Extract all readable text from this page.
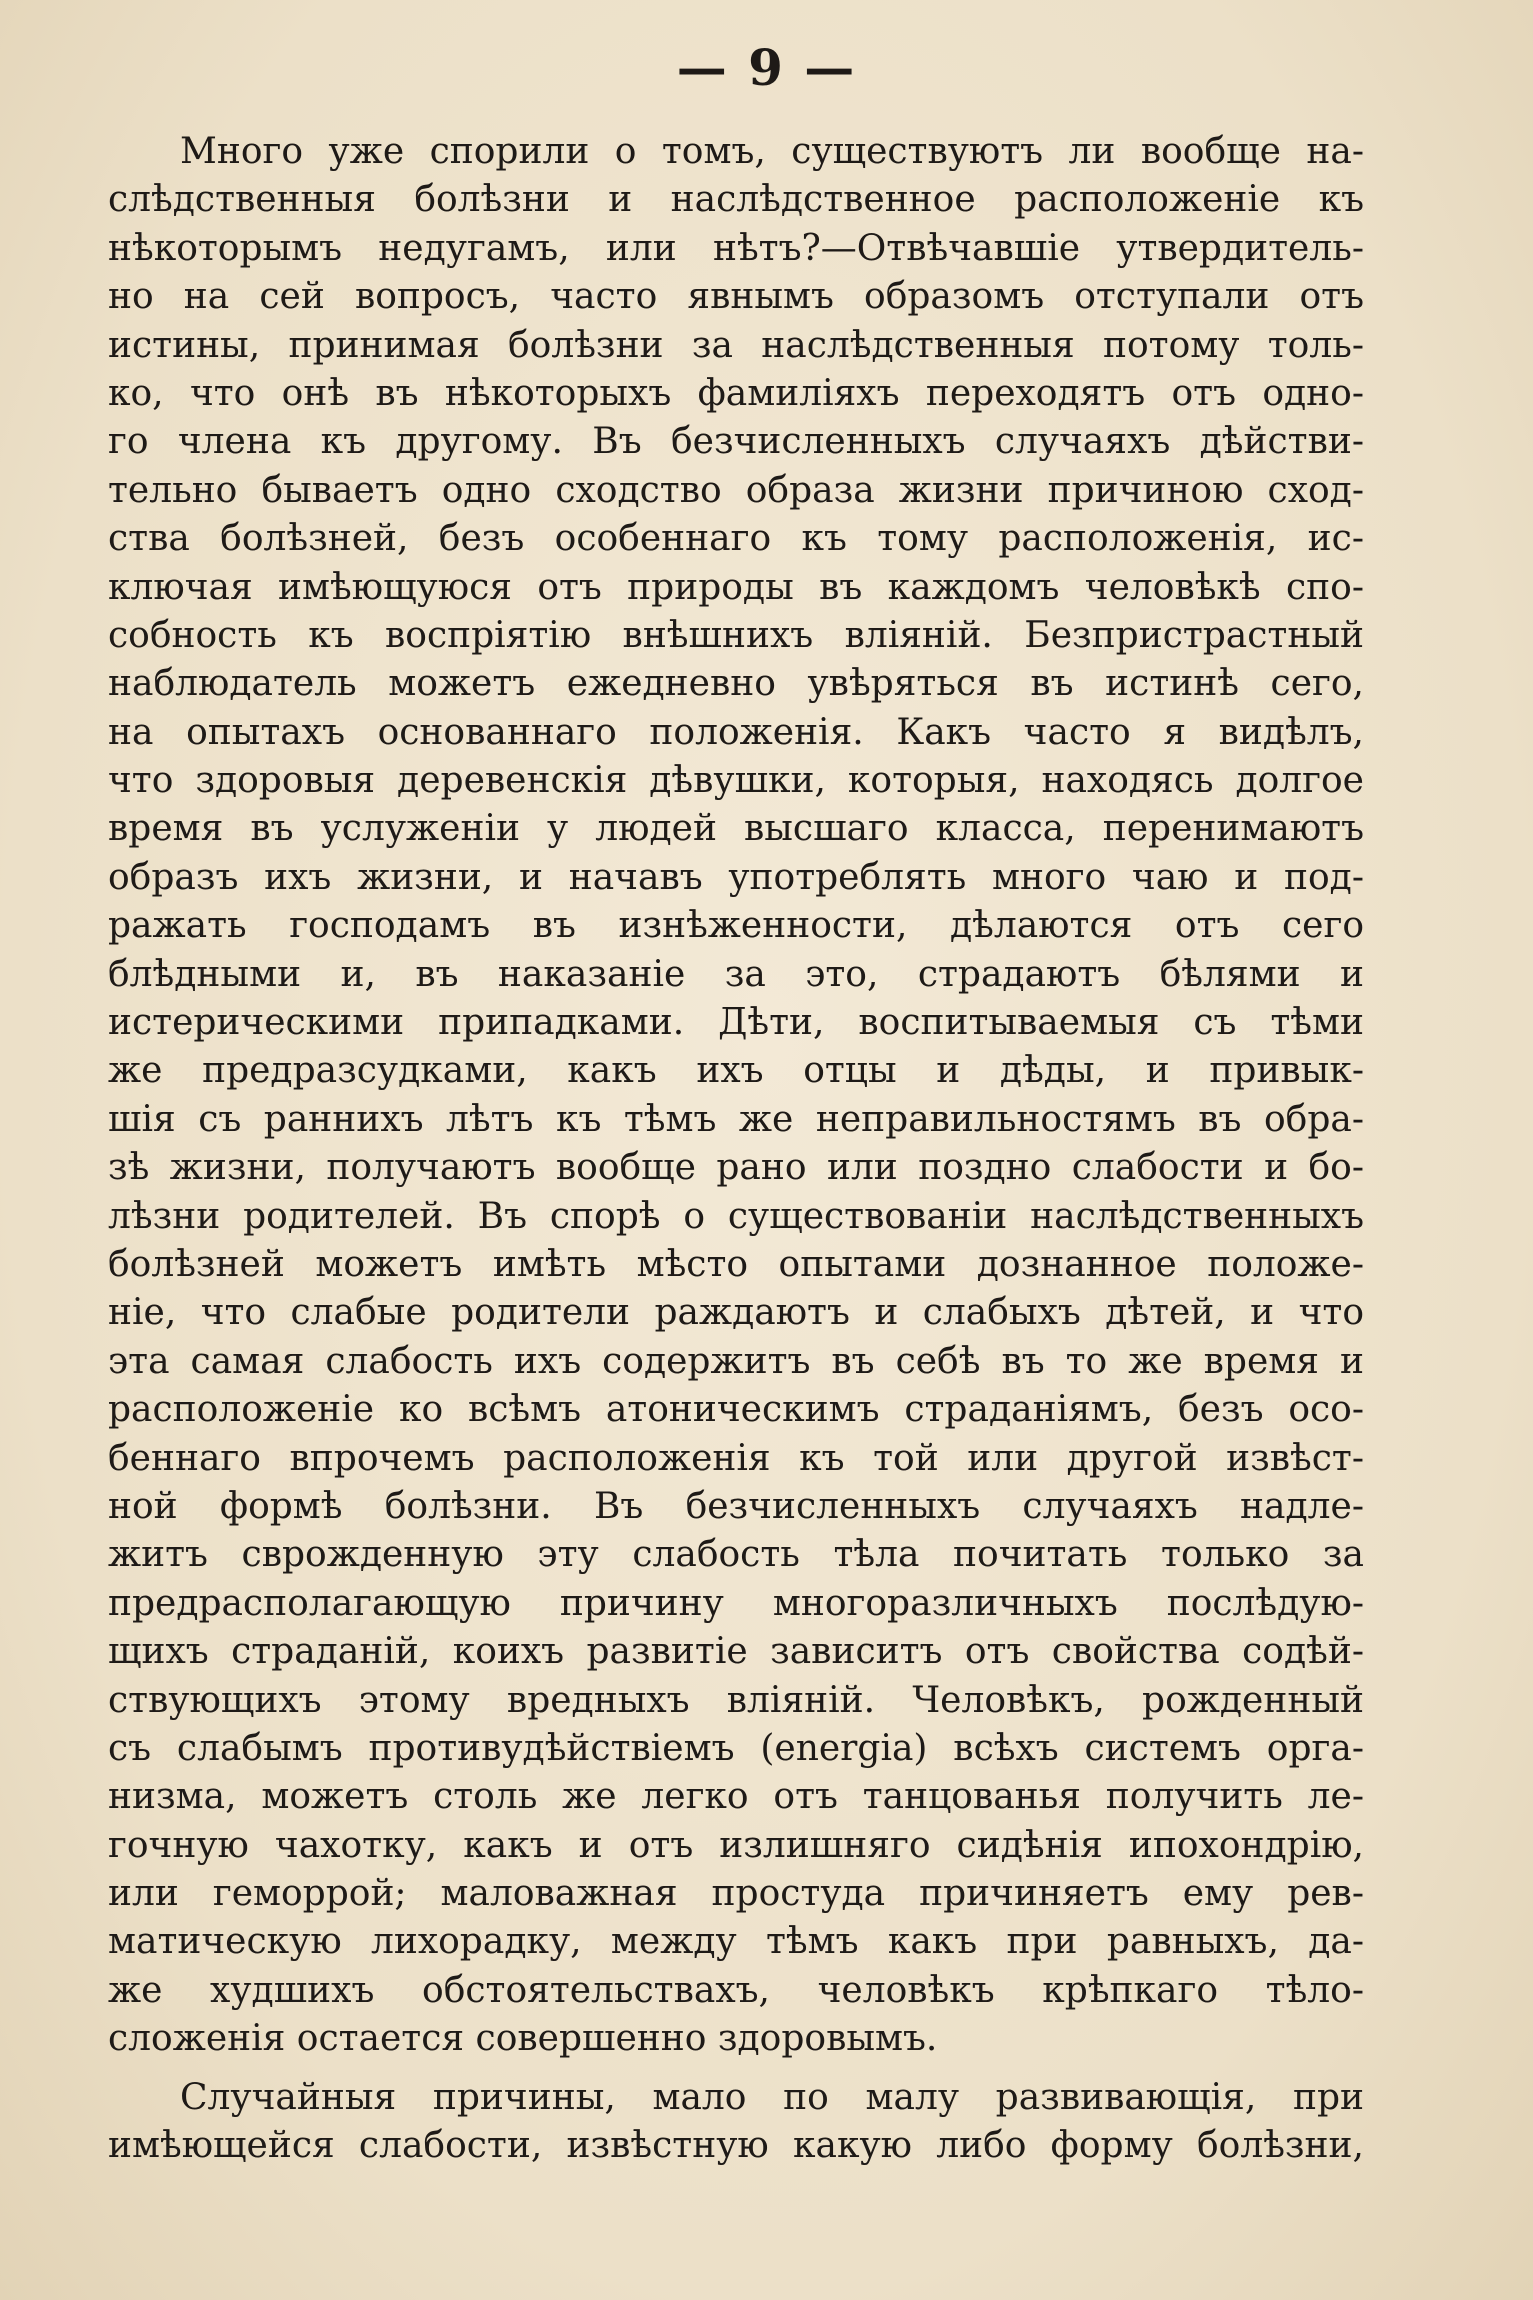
— 9 —
Много уже спорили о томъ, существуютъ ли вообще на-
слѣдственныя болѣзни и наслѣдственное расположеніе къ
нѣкоторымъ недугамъ, или нѣтъ?—Отвѣчавшіе утвердитель-
но на сей вопросъ, часто явнымъ образомъ отступали отъ
истины, принимая болѣзни за наслѣдственныя потому толь-
ко, что онѣ въ нѣкоторыхъ фамиліяхъ переходятъ отъ одно-
го члена къ другому. Въ безчисленныхъ случаяхъ дѣйстви-
тельно бываетъ одно сходство образа жизни причиною сход-
ства болѣзней, безъ особеннаго къ тому расположенія, ис-
ключая имѣющуюся отъ природы въ каждомъ человѣкѣ спо-
собность къ воспріятію внѣшнихъ вліяній. Безпристрастный
наблюдатель можетъ ежедневно увѣряться въ истинѣ сего,
на опытахъ основаннаго положенія. Какъ часто я видѣлъ,
что здоровыя деревенскія дѣвушки, которыя, находясь долгое
время въ услуженіи у людей высшаго класса, перенимаютъ
образъ ихъ жизни, и начавъ употреблять много чаю и под-
ражать господамъ въ изнѣженности, дѣлаются отъ сего
блѣдными и, въ наказаніе за это, страдаютъ бѣлями и
истерическими припадками. Дѣти, воспитываемыя съ тѣми
же предразсудками, какъ ихъ отцы и дѣды, и привык-
шія съ раннихъ лѣтъ къ тѣмъ же неправильностямъ въ обра-
зѣ жизни, получаютъ вообще рано или поздно слабости и бо-
лѣзни родителей. Въ спорѣ о существованіи наслѣдственныхъ
болѣзней можетъ имѣть мѣсто опытами дознанное положе-
ніе, что слабые родители раждаютъ и слабыхъ дѣтей, и что
эта самая слабость ихъ содержитъ въ себѣ въ то же время и
расположеніе ко всѣмъ атоническимъ страданіямъ, безъ осо-
беннаго впрочемъ расположенія къ той или другой извѣст-
ной формѣ болѣзни. Въ безчисленныхъ случаяхъ надле-
житъ сврожденную эту слабость тѣла почитать только за
предрасполагающую причину многоразличныхъ послѣдую-
щихъ страданій, коихъ развитіе зависитъ отъ свойства содѣй-
ствующихъ этому вредныхъ вліяній. Человѣкъ, рожденный
съ слабымъ противудѣйствіемъ (energia) всѣхъ системъ орга-
низма, можетъ столь же легко отъ танцованья получить ле-
гочную чахотку, какъ и отъ излишняго сидѣнія ипохондрію,
или геморрой; маловажная простуда причиняетъ ему рев-
матическую лихорадку, между тѣмъ какъ при равныхъ, да-
же худшихъ обстоятельствахъ, человѣкъ крѣпкаго тѣло-
сложенія остается совершенно здоровымъ.
Случайныя причины, мало по малу развивающія, при
имѣющейся слабости, извѣстную какую либо форму болѣзни,
